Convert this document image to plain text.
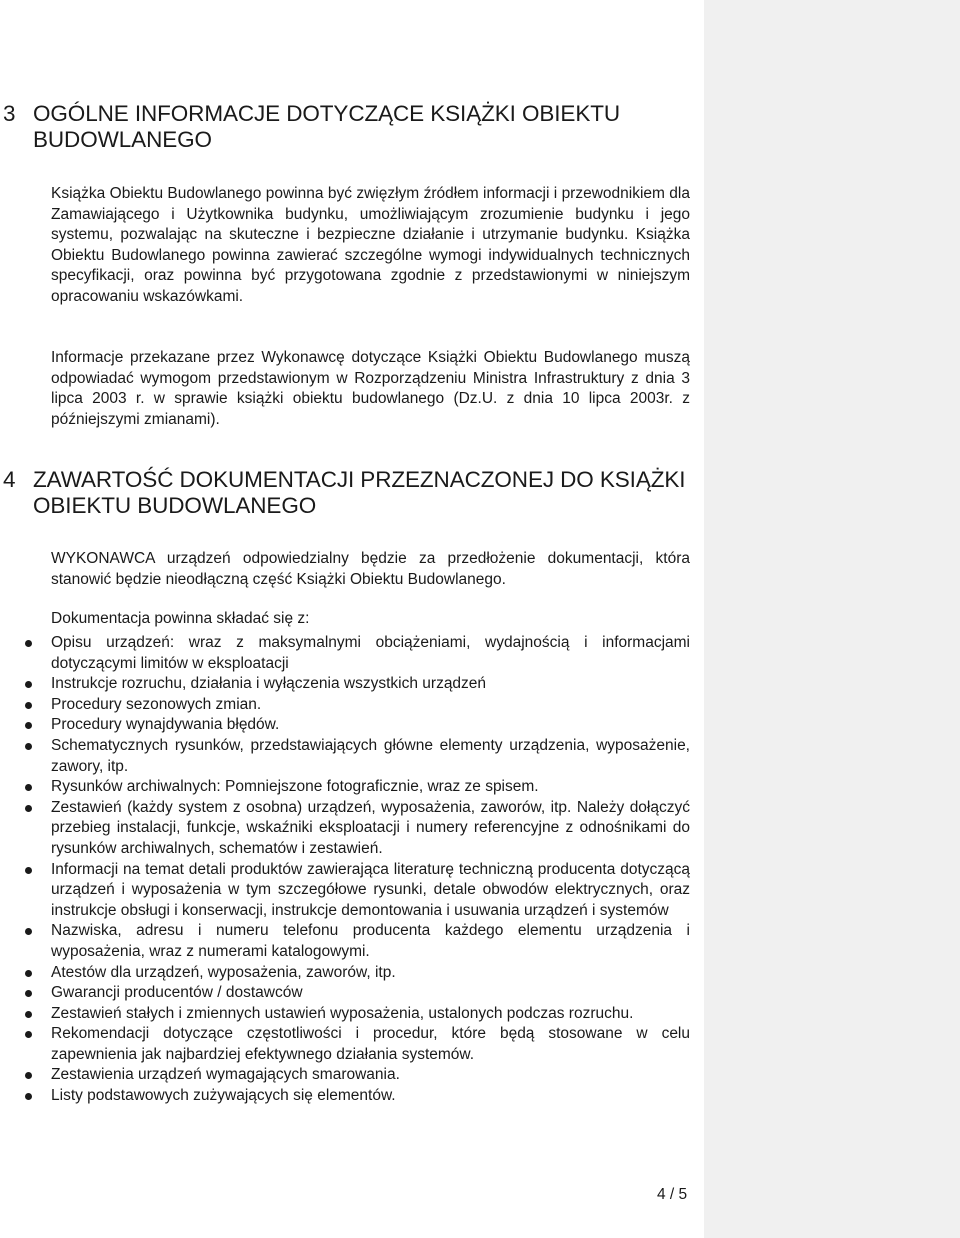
3 OGÓLNE INFORMACJE DOTYCZĄCE KSIĄŻKI OBIEKTU BUDOWLANEGO

Książka Obiektu Budowlanego powinna być zwięzłym źródłem informacji i przewodnikiem dla Zamawiającego i Użytkownika budynku, umożliwiającym zrozumienie budynku i jego systemu, pozwalając na skuteczne i bezpieczne działanie i utrzymanie budynku. Książka Obiektu Budowlanego powinna zawierać szczególne wymogi indywidualnych technicznych specyfikacji, oraz powinna być przygotowana zgodnie z przedstawionymi w niniejszym opracowaniu wskazówkami.

Informacje przekazane przez Wykonawcę dotyczące Książki Obiektu Budowlanego muszą odpowiadać wymogom przedstawionym w Rozporządzeniu Ministra Infrastruktury z dnia 3 lipca 2003 r. w sprawie książki obiektu budowlanego (Dz.U. z dnia 10 lipca 2003r. z późniejszymi zmianami).

4 ZAWARTOŚĆ DOKUMENTACJI PRZEZNACZONEJ DO KSIĄŻKI OBIEKTU BUDOWLANEGO

WYKONAWCA urządzeń odpowiedzialny będzie za przedłożenie dokumentacji, która stanowić będzie nieodłączną część Książki Obiektu Budowlanego.

Dokumentacja powinna składać się z:

Opisu urządzeń: wraz z maksymalnymi obciążeniami, wydajnością i informacjami dotyczącymi limitów w eksploatacji
Instrukcje rozruchu, działania i wyłączenia wszystkich urządzeń
Procedury sezonowych zmian.
Procedury wynajdywania błędów.
Schematycznych rysunków, przedstawiających główne elementy urządzenia, wyposażenie, zawory, itp.
Rysunków archiwalnych: Pomniejszone fotograficznie, wraz ze spisem.
Zestawień (każdy system z osobna) urządzeń, wyposażenia, zaworów, itp. Należy dołączyć przebieg instalacji, funkcje, wskaźniki eksploatacji i numery referencyjne z odnośnikami do rysunków archiwalnych, schematów i zestawień.
Informacji na temat detali produktów zawierająca literaturę techniczną producenta dotyczącą urządzeń i wyposażenia w tym szczegółowe rysunki, detale obwodów elektrycznych, oraz instrukcje obsługi i konserwacji, instrukcje demontowania i usuwania urządzeń i systemów
Nazwiska, adresu i numeru telefonu producenta każdego elementu urządzenia i wyposażenia, wraz z numerami katalogowymi.
Atestów dla urządzeń, wyposażenia, zaworów, itp.
Gwarancji producentów / dostawców
Zestawień stałych i zmiennych ustawień wyposażenia, ustalonych podczas rozruchu.
Rekomendacji dotyczące częstotliwości i procedur, które będą stosowane w celu zapewnienia jak najbardziej efektywnego działania systemów.
Zestawienia urządzeń wymagających smarowania.
Listy podstawowych zużywających się elementów.
4 / 5
